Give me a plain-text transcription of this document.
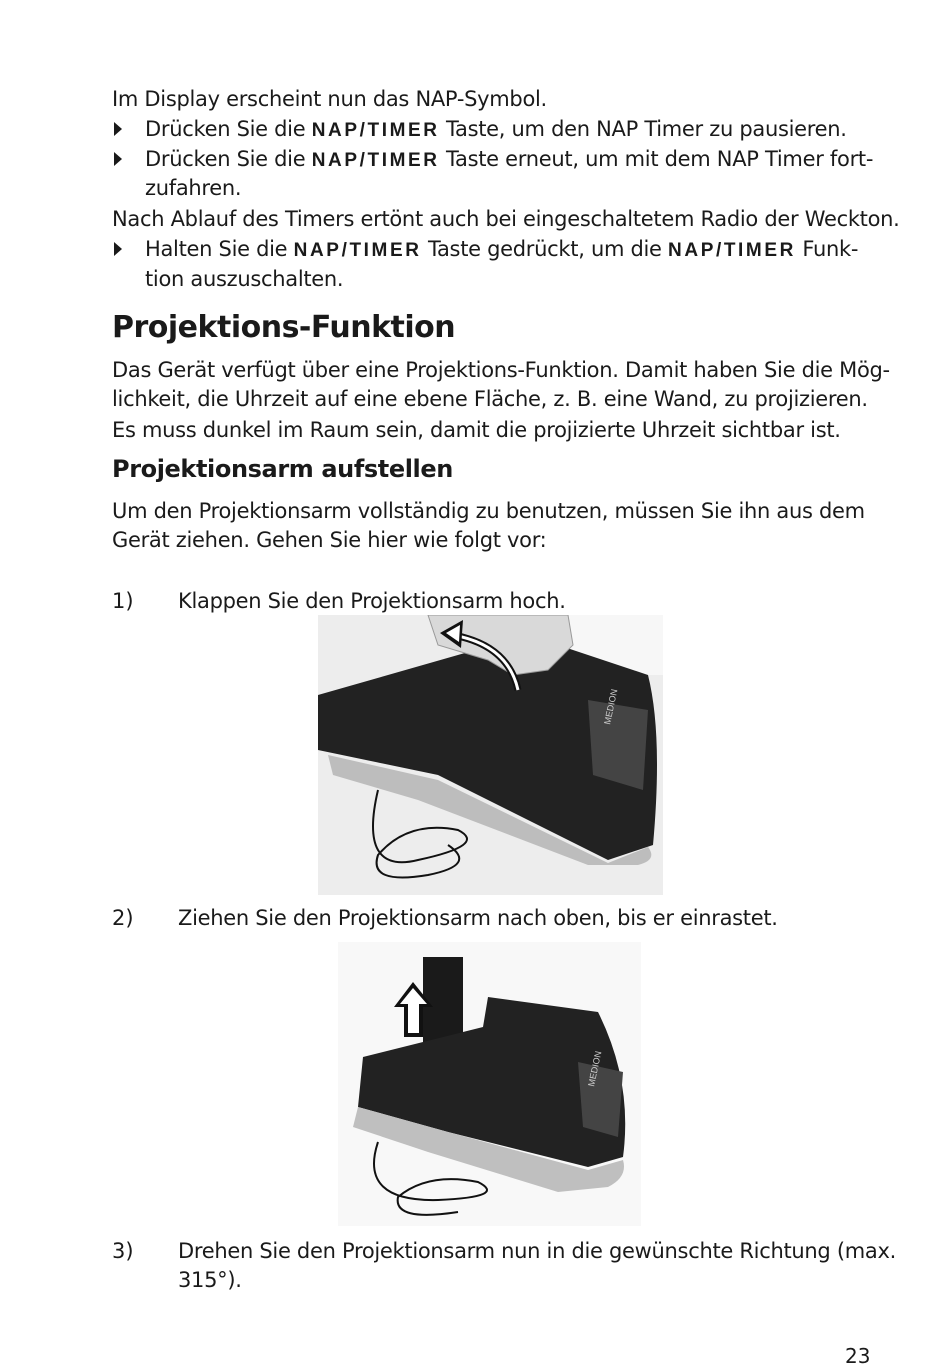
Im Display erscheint nun das NAP-Symbol.
Drücken Sie die NAP/TIMER Taste, um den NAP Timer zu pausieren.
Drücken Sie die NAP/TIMER Taste erneut, um mit dem NAP Timer fort-
zufahren.
Nach Ablauf des Timers ertönt auch bei eingeschaltetem Radio der Weckton.
Halten Sie die NAP/TIMER Taste gedrückt, um die NAP/TIMER Funk-
tion auszuschalten.
Projektions-Funktion
Das Gerät verfügt über eine Projektions-Funktion. Damit haben Sie die Mög-
lichkeit, die Uhrzeit auf eine ebene Fläche, z. B. eine Wand, zu projizieren.
Es muss dunkel im Raum sein, damit die projizierte Uhrzeit sichtbar ist.
Projektionsarm aufstellen
Um den Projektionsarm vollständig zu benutzen, müssen Sie ihn aus dem
Gerät ziehen. Gehen Sie hier wie folgt vor:
1) Klappen Sie den Projektionsarm hoch.
MEDION
2) Ziehen Sie den Projektionsarm nach oben, bis er einrastet.
MEDION
3) Drehen Sie den Projektionsarm nun in die gewünschte Richtung (max.
315°).
23
